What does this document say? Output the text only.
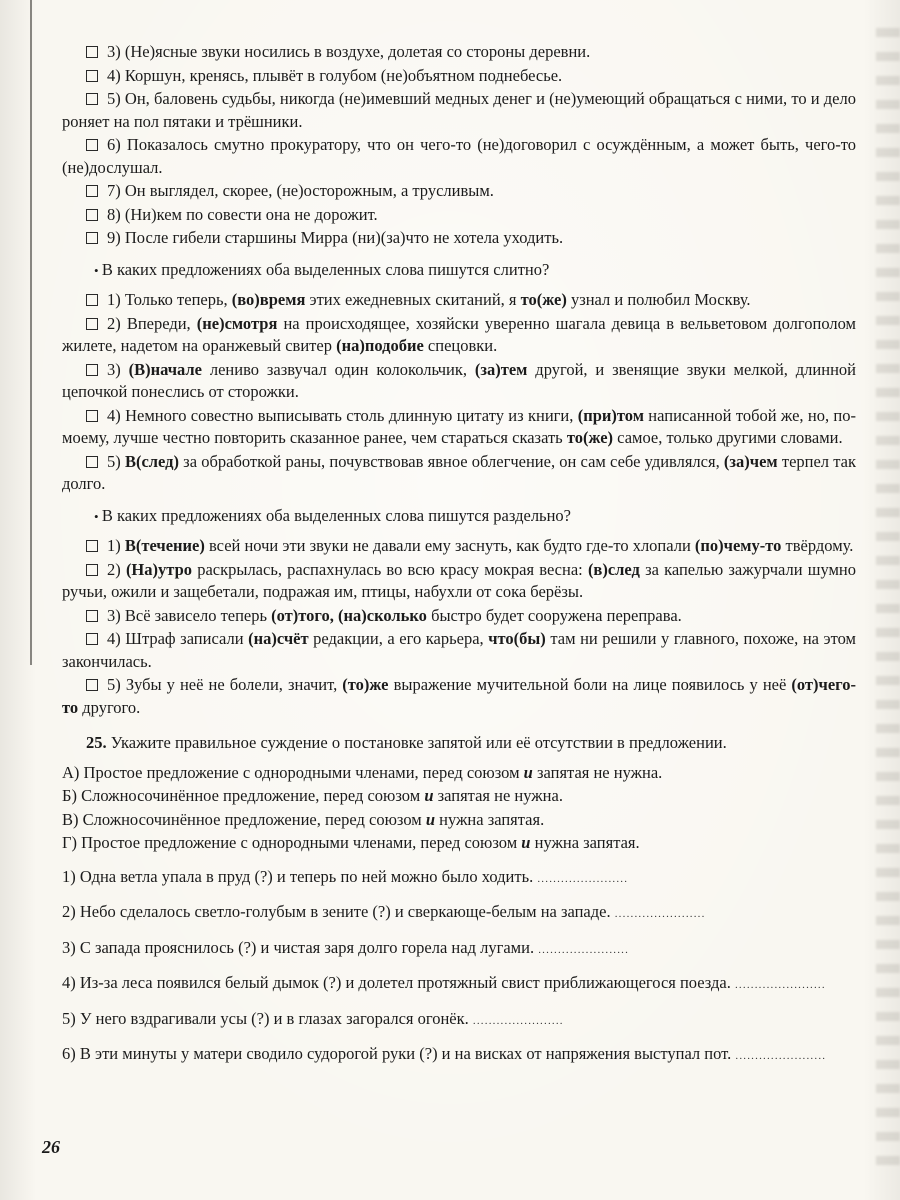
3) (Не)ясные звуки носились в воздухе, долетая со стороны деревни.
4) Коршун, кренясь, плывёт в голубом (не)объятном поднебесье.
5) Он, баловень судьбы, никогда (не)имевший медных денег и (не)умеющий обращаться с ними, то и дело роняет на пол пятаки и трёшники.
6) Показалось смутно прокуратору, что он чего-то (не)договорил с осуждённым, а может быть, чего-то (не)дослушал.
7) Он выглядел, скорее, (не)осторожным, а трусливым.
8) (Ни)кем по совести она не дорожит.
9) После гибели старшины Мирра (ни)(за)что не хотела уходить.
• В каких предложениях оба выделенных слова пишутся слитно?
1) Только теперь, (во)время этих ежедневных скитаний, я то(же) узнал и полюбил Москву.
2) Впереди, (не)смотря на происходящее, хозяйски уверенно шагала девица в вельветовом долгополом жилете, надетом на оранжевый свитер (на)подобие спецовки.
3) (В)начале лениво зазвучал один колокольчик, (за)тем другой, и звенящие звуки мелкой, длинной цепочкой понеслись от сторожки.
4) Немного совестно выписывать столь длинную цитату из книги, (при)том написанной тобой же, но, по-моему, лучше честно повторить сказанное ранее, чем стараться сказать то(же) самое, только другими словами.
5) В(след) за обработкой раны, почувствовав явное облегчение, он сам себе удивлялся, (за)чем терпел так долго.
• В каких предложениях оба выделенных слова пишутся раздельно?
1) В(течение) всей ночи эти звуки не давали ему заснуть, как будто где-то хлопали (по)чему-то твёрдому.
2) (На)утро раскрылась, распахнулась во всю красу мокрая весна: (в)след за капелью зажурчали шумно ручьи, ожили и защебетали, подражая им, птицы, набухли от сока берёзы.
3) Всё зависело теперь (от)того, (на)сколько быстро будет сооружена переправа.
4) Штраф записали (на)счёт редакции, а его карьера, что(бы) там ни решили у главного, похоже, на этом закончилась.
5) Зубы у неё не болели, значит, (то)же выражение мучительной боли на лице появилось у неё (от)чего-то другого.
25. Укажите правильное суждение о постановке запятой или её отсутствии в предложении.
А) Простое предложение с однородными членами, перед союзом и запятая не нужна.
Б) Сложносочинённое предложение, перед союзом и запятая не нужна.
В) Сложносочинённое предложение, перед союзом и нужна запятая.
Г) Простое предложение с однородными членами, перед союзом и нужна запятая.
1) Одна ветла упала в пруд (?) и теперь по ней можно было ходить. .......................
2) Небо сделалось светло-голубым в зените (?) и сверкающе-белым на западе. .......................
3) С запада прояснилось (?) и чистая заря долго горела над лугами. .......................
4) Из-за леса появился белый дымок (?) и долетел протяжный свист приближающегося поезда. .......................
5) У него вздрагивали усы (?) и в глазах загорался огонёк. .......................
6) В эти минуты у матери сводило судорогой руки (?) и на висках от напряжения выступал пот. .......................
26
